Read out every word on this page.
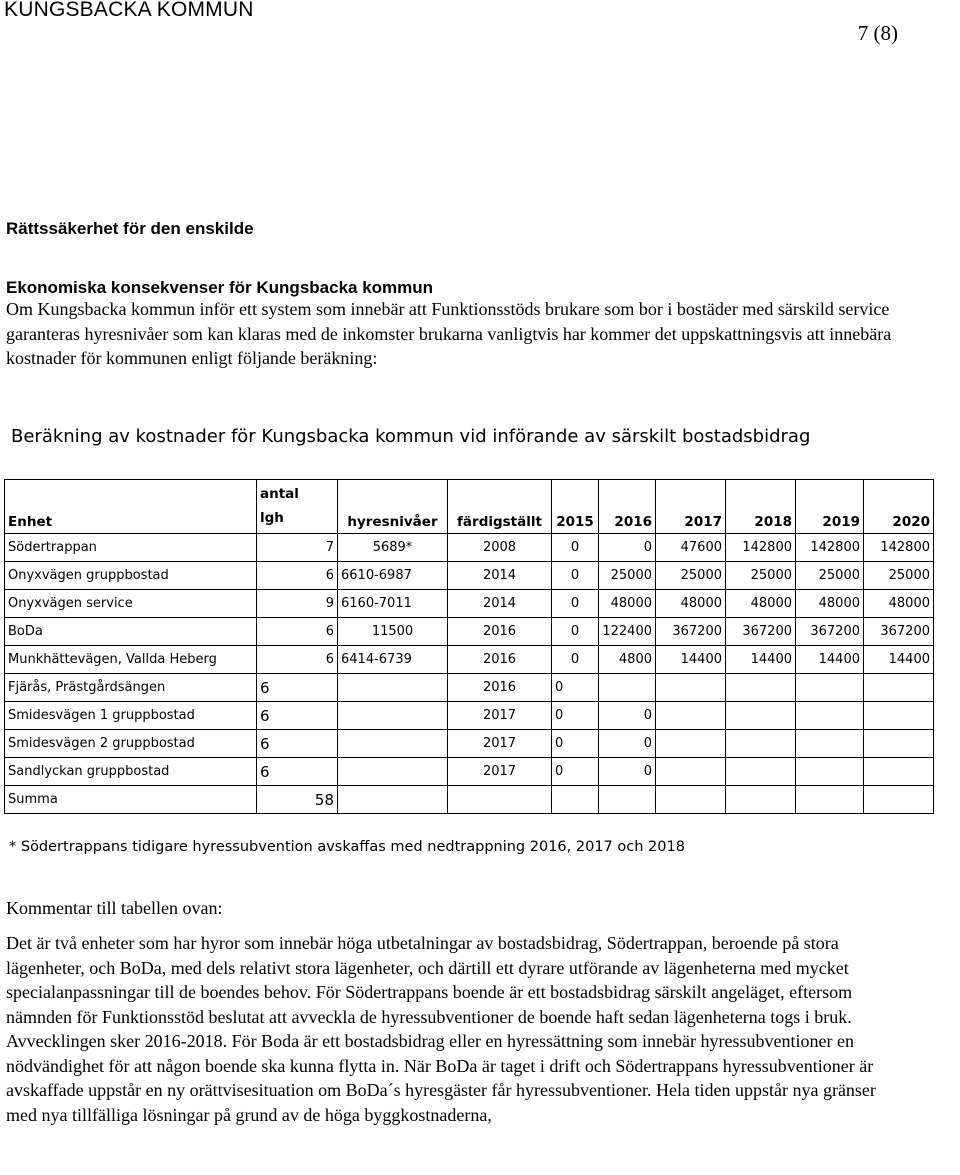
KUNGSBACKA KOMMUN
7 (8)
Rättssäkerhet för den enskilde
Ekonomiska konsekvenser för Kungsbacka kommun
Om Kungsbacka kommun inför ett system som innebär att Funktionsstöds brukare som bor i bostäder med särskild service garanteras hyresnivåer som kan klaras med de inkomster brukarna vanligtvis har kommer det uppskattningsvis att innebära kostnader för kommunen enligt följande beräkning:
Beräkning av kostnader för Kungsbacka kommun vid införande av särskilt bostadsbidrag
Enhet	antal lgh	hyresnivåer	färdigställt	2015	2016	2017	2018	2019	2020
Södertrappan	7	5689*	2008	0	0	47600	142800	142800	142800
Onyxvägen gruppbostad	6	6610-6987	2014	0	25000	25000	25000	25000	25000
Onyxvägen service	9	6160-7011	2014	0	48000	48000	48000	48000	48000
BoDa	6	11500	2016	0	122400	367200	367200	367200	367200
Munkhättevägen, Vallda Heberg	6	6414-6739	2016	0	4800	14400	14400	14400	14400
Fjärås, Prästgårdsängen	6		2016	0					
Smidesvägen 1 gruppbostad	6		2017	0	0				
Smidesvägen 2 gruppbostad	6		2017	0	0				
Sandlyckan gruppbostad	6		2017	0	0				
Summa	58								
* Södertrappans tidigare hyressubvention avskaffas med nedtrappning 2016, 2017 och 2018
Kommentar till tabellen ovan:
Det är två enheter som har hyror som innebär höga utbetalningar av bostadsbidrag, Södertrappan, beroende på stora lägenheter, och BoDa, med dels relativt stora lägenheter, och därtill ett dyrare utförande av lägenheterna med mycket specialanpassningar till de boendes behov. För Södertrappans boende är ett bostadsbidrag särskilt angeläget, eftersom nämnden för Funktionsstöd beslutat att avveckla de hyressubventioner de boende haft sedan lägenheterna togs i bruk. Avvecklingen sker 2016-2018. För Boda är ett bostadsbidrag eller en hyressättning som innebär hyressubventioner en nödvändighet för att någon boende ska kunna flytta in. När BoDa är taget i drift och Södertrappans hyressubventioner är avskaffade uppstår en ny orättvisesituation om BoDa´s hyresgäster får hyressubventioner. Hela tiden uppstår nya gränser med nya tillfälliga lösningar på grund av de höga byggkostnaderna,
